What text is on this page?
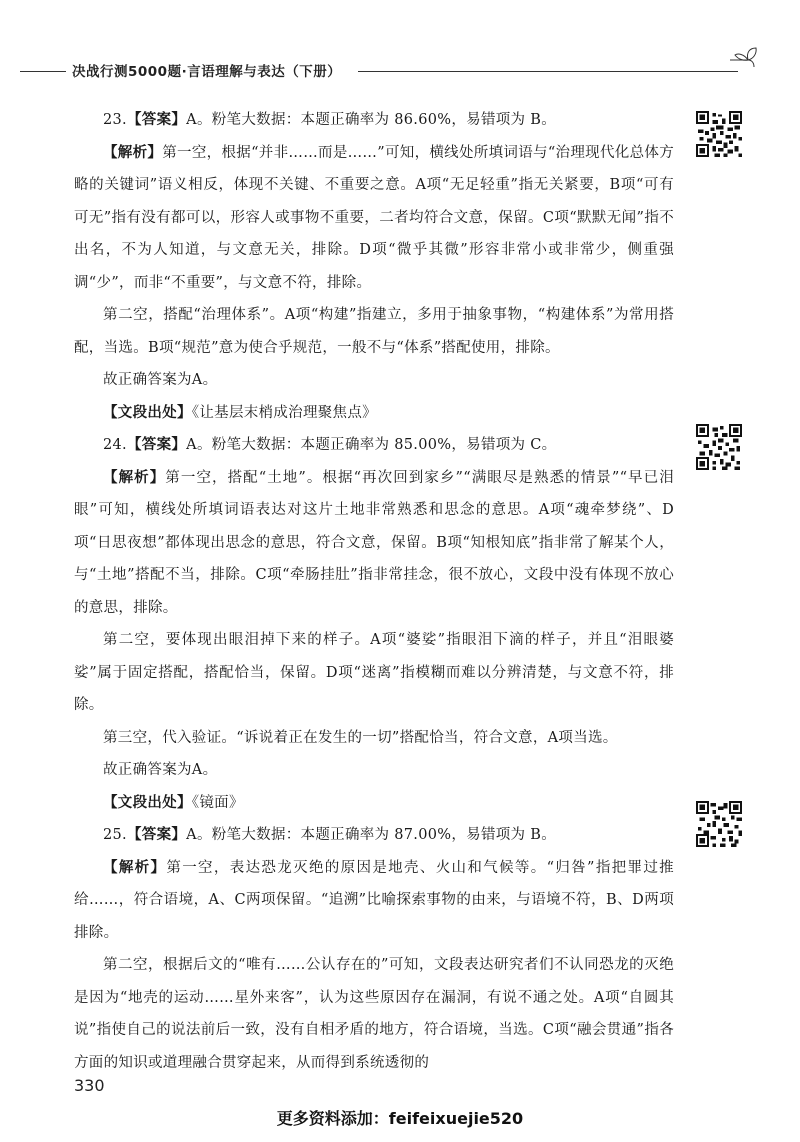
决战行测5000题·言语理解与表达（下册）

23.【答案】A。粉笔大数据：本题正确率为 86.60%，易错项为 B。

【解析】第一空，根据“并非……而是……”可知，横线处所填词语与“治理现代化总体方略的关键词”语义相反，体现不关键、不重要之意。A项“无足轻重”指无关紧要，B项“可有可无”指有没有都可以，形容人或事物不重要，二者均符合文意，保留。C项“默默无闻”指不出名，不为人知道，与文意无关，排除。D项“微乎其微”形容非常小或非常少，侧重强调“少”，而非“不重要”，与文意不符，排除。

第二空，搭配“治理体系”。A项“构建”指建立，多用于抽象事物，“构建体系”为常用搭配，当选。B项“规范”意为使合乎规范，一般不与“体系”搭配使用，排除。

故正确答案为A。

【文段出处】《让基层末梢成治理聚焦点》

24.【答案】A。粉笔大数据：本题正确率为 85.00%，易错项为 C。

【解析】第一空，搭配“土地”。根据“再次回到家乡”“满眼尽是熟悉的情景”“早已泪眼”可知，横线处所填词语表达对这片土地非常熟悉和思念的意思。A项“魂牵梦绕”、D项“日思夜想”都体现出思念的意思，符合文意，保留。B项“知根知底”指非常了解某个人，与“土地”搭配不当，排除。C项“牵肠挂肚”指非常挂念，很不放心，文段中没有体现不放心的意思，排除。

第二空，要体现出眼泪掉下来的样子。A项“婆娑”指眼泪下滴的样子，并且“泪眼婆娑”属于固定搭配，搭配恰当，保留。D项“迷离”指模糊而难以分辨清楚，与文意不符，排除。

第三空，代入验证。“诉说着正在发生的一切”搭配恰当，符合文意，A项当选。

故正确答案为A。

【文段出处】《镜面》

25.【答案】A。粉笔大数据：本题正确率为 87.00%，易错项为 B。

【解析】第一空，表达恐龙灭绝的原因是地壳、火山和气候等。“归咎”指把罪过推给……，符合语境，A、C两项保留。“追溯”比喻探索事物的由来，与语境不符，B、D两项排除。

第二空，根据后文的“唯有……公认存在的”可知，文段表达研究者们不认同恐龙的灭绝是因为“地壳的运动……星外来客”，认为这些原因存在漏洞，有说不通之处。A项“自圆其说”指使自己的说法前后一致，没有自相矛盾的地方，符合语境，当选。C项“融会贯通”指各方面的知识或道理融合贯穿起来，从而得到系统透彻的

330
更多资料添加：feifeixuejie520
